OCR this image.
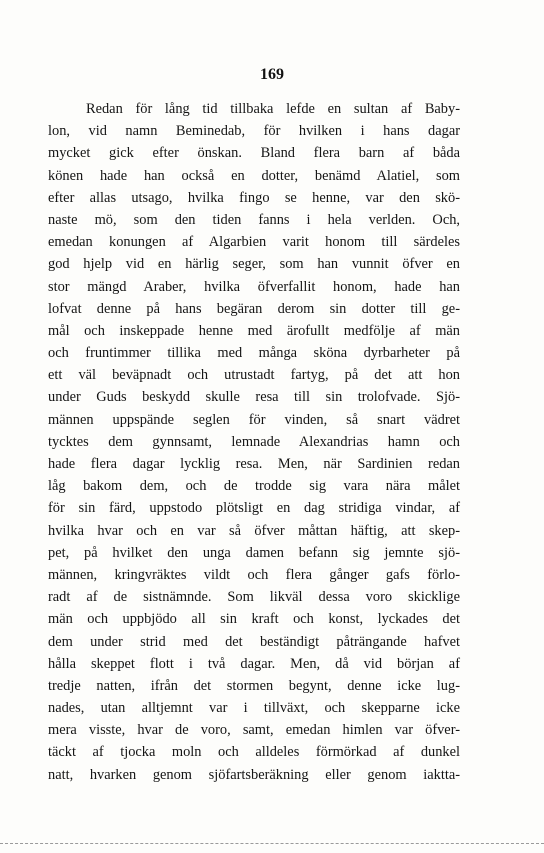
169
Redan för lång tid tillbaka lefde en sultan af Baby-
lon, vid namn Beminedab, för hvilken i hans dagar
mycket gick efter önskan. Bland flera barn af båda
könen hade han också en dotter, benämd Alatiel, som
efter allas utsago, hvilka fingo se henne, var den skö-
naste mö, som den tiden fanns i hela verlden. Och,
emedan konungen af Algarbien varit honom till särdeles
god hjelp vid en härlig seger, som han vunnit öfver en
stor mängd Araber, hvilka öfverfallit honom, hade han
lofvat denne på hans begäran derom sin dotter till ge-
mål och inskeppade henne med ärofullt medfölje af män
och fruntimmer tillika med många sköna dyrbarheter på
ett väl beväpnadt och utrustadt fartyg, på det att hon
under Guds beskydd skulle resa till sin trolofvade. Sjö-
männen uppspände seglen för vinden, så snart vädret
tycktes dem gynnsamt, lemnade Alexandrias hamn och
hade flera dagar lycklig resa. Men, när Sardinien redan
låg bakom dem, och de trodde sig vara nära målet
för sin färd, uppstodo plötsligt en dag stridiga vindar, af
hvilka hvar och en var så öfver måttan häftig, att skep-
pet, på hvilket den unga damen befann sig jemnte sjö-
männen, kringvräktes vildt och flera gånger gafs förlo-
radt af de sistnämnde. Som likväl dessa voro skicklige
män och uppbjödo all sin kraft och konst, lyckades det
dem under strid med det beständigt påträngande hafvet
hålla skeppet flott i två dagar. Men, då vid början af
tredje natten, ifrån det stormen begynt, denne icke lug-
nades, utan alltjemnt var i tillväxt, och skepparne icke
mera visste, hvar de voro, samt, emedan himlen var öfver-
täckt af tjocka moln och alldeles förmörkad af dunkel
natt, hvarken genom sjöfartsberäkning eller genom iaktta-
